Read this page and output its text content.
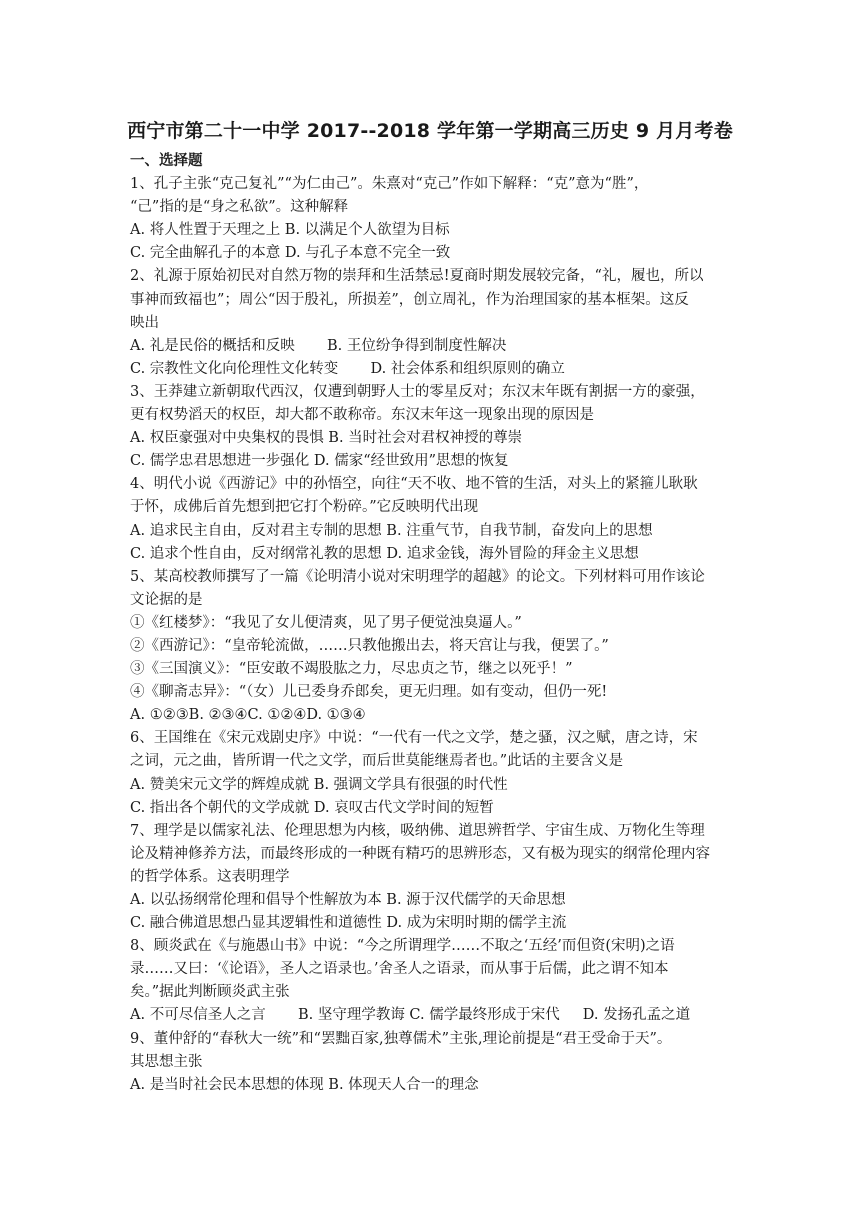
西宁市第二十一中学 2017--2018 学年第一学期高三历史 9 月月考卷
一、选择题
1、孔子主张“克己复礼”“为仁由己”。朱熹对“克己”作如下解释：“克”意为“胜”，
“己”指的是“身之私欲”。这种解释
A. 将人性置于天理之上 B. 以满足个人欲望为目标
C. 完全曲解孔子的本意 D. 与孔子本意不完全一致
2、礼源于原始初民对自然万物的崇拜和生活禁忌!夏商时期发展较完备，“礼，履也，所以
事神而致福也”；周公“因于殷礼，所损差”，创立周礼，作为治理国家的基本框架。这反
映出
A. 礼是民俗的概括和反映       B. 王位纷争得到制度性解决
C. 宗教性文化向伦理性文化转变       D. 社会体系和组织原则的确立
3、王莽建立新朝取代西汉，仅遭到朝野人士的零星反对；东汉末年既有割据一方的豪强，
更有权势滔天的权臣，却大都不敢称帝。东汉末年这一现象出现的原因是
A. 权臣豪强对中央集权的畏惧 B. 当时社会对君权神授的尊崇
C. 儒学忠君思想进一步强化 D. 儒家“经世致用”思想的恢复
4、明代小说《西游记》中的孙悟空，向往“天不收、地不管的生活，对头上的紧箍儿耿耿
于怀，成佛后首先想到把它打个粉碎。”它反映明代出现
A. 追求民主自由，反对君主专制的思想 B. 注重气节，自我节制，奋发向上的思想
C. 追求个性自由，反对纲常礼教的思想 D. 追求金钱，海外冒险的拜金主义思想
5、某高校教师撰写了一篇《论明清小说对宋明理学的超越》的论文。下列材料可用作该论
文论据的是
①《红楼梦》：“我见了女儿便清爽，见了男子便觉浊臭逼人。”
②《西游记》：“皇帝轮流做，……只教他搬出去，将天宫让与我，便罢了。”
③《三国演义》：“臣安敢不竭股肱之力，尽忠贞之节，继之以死乎！”
④《聊斋志异》：“（女）儿已委身乔郎矣，更无归理。如有变动，但仍一死!
A. ①②③B. ②③④C. ①②④D. ①③④
6、王国维在《宋元戏剧史序》中说：“一代有一代之文学，楚之骚，汉之赋，唐之诗，宋
之词，元之曲，皆所谓一代之文学，而后世莫能继焉者也。”此话的主要含义是
A. 赞美宋元文学的辉煌成就 B. 强调文学具有很强的时代性
C. 指出各个朝代的文学成就 D. 哀叹古代文学时间的短暂
7、理学是以儒家礼法、伦理思想为内核，吸纳佛、道思辨哲学、宇宙生成、万物化生等理
论及精神修养方法，而最终形成的一种既有精巧的思辨形态，又有极为现实的纲常伦理内容
的哲学体系。这表明理学
A. 以弘扬纲常伦理和倡导个性解放为本 B. 源于汉代儒学的天命思想
C. 融合佛道思想凸显其逻辑性和道德性 D. 成为宋明时期的儒学主流
8、顾炎武在《与施愚山书》中说：“今之所谓理学……不取之‘五经’而但资(宋明)之语
录……又曰：‘《论语》，圣人之语录也。’舍圣人之语录，而从事于后儒，此之谓不知本
矣。”据此判断顾炎武主张
A. 不可尽信圣人之言       B. 坚守理学教诲 C. 儒学最终形成于宋代     D. 发扬孔孟之道
9、董仲舒的“春秋大一统”和“罢黜百家,独尊儒术”主张,理论前提是“君王受命于天”。
其思想主张
A. 是当时社会民本思想的体现 B. 体现天人合一的理念
